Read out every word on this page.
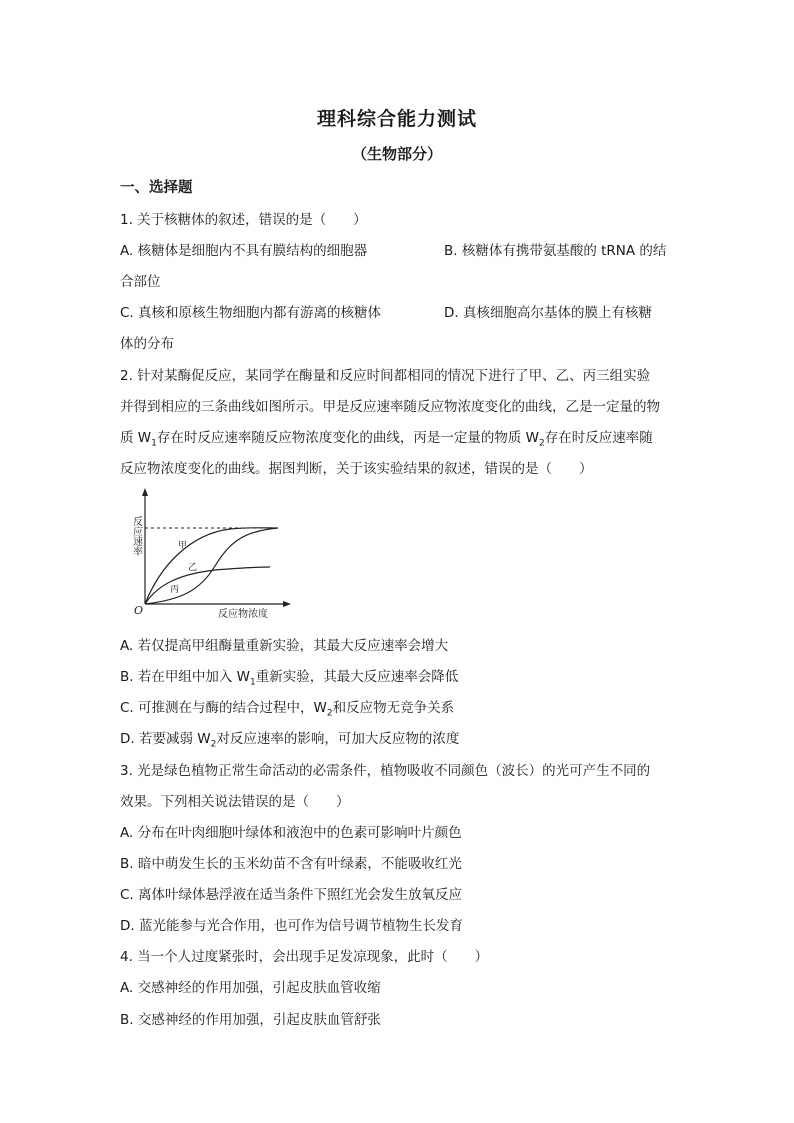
理科综合能力测试
（生物部分）
一、选择题
1. 关于核糖体的叙述，错误的是（　　）
A. 核糖体是细胞内不具有膜结构的细胞器	B. 核糖体有携带氨基酸的 tRNA 的结
合部位
C. 真核和原核生物细胞内都有游离的核糖体	D. 真核细胞高尔基体的膜上有核糖
体的分布
2. 针对某酶促反应，某同学在酶量和反应时间都相同的情况下进行了甲、乙、丙三组实验
并得到相应的三条曲线如图所示。甲是反应速率随反应物浓度变化的曲线，乙是一定量的物
质 $W_1$存在时反应速率随反应物浓度变化的曲线，丙是一定量的物质 $W_2$存在时反应速率随
反应物浓度变化的曲线。据图判断，关于该实验结果的叙述，错误的是（　　）
反应速率
O	反应物浓度
甲
乙
丙
A. 若仅提高甲组酶量重新实验，其最大反应速率会增大
B. 若在甲组中加入 $W_1$重新实验，其最大反应速率会降低
C. 可推测在与酶的结合过程中，$W_2$和反应物无竞争关系
D. 若要减弱 $W_2$对反应速率的影响，可加大反应物的浓度
3. 光是绿色植物正常生命活动的必需条件，植物吸收不同颜色（波长）的光可产生不同的
效果。下列相关说法错误的是（　　）
A. 分布在叶肉细胞叶绿体和液泡中的色素可影响叶片颜色
B. 暗中萌发生长的玉米幼苗不含有叶绿素，不能吸收红光
C. 离体叶绿体悬浮液在适当条件下照红光会发生放氧反应
D. 蓝光能参与光合作用，也可作为信号调节植物生长发育
4. 当一个人过度紧张时，会出现手足发凉现象，此时（　　）
A. 交感神经的作用加强，引起皮肤血管收缩
B. 交感神经的作用加强，引起皮肤血管舒张
